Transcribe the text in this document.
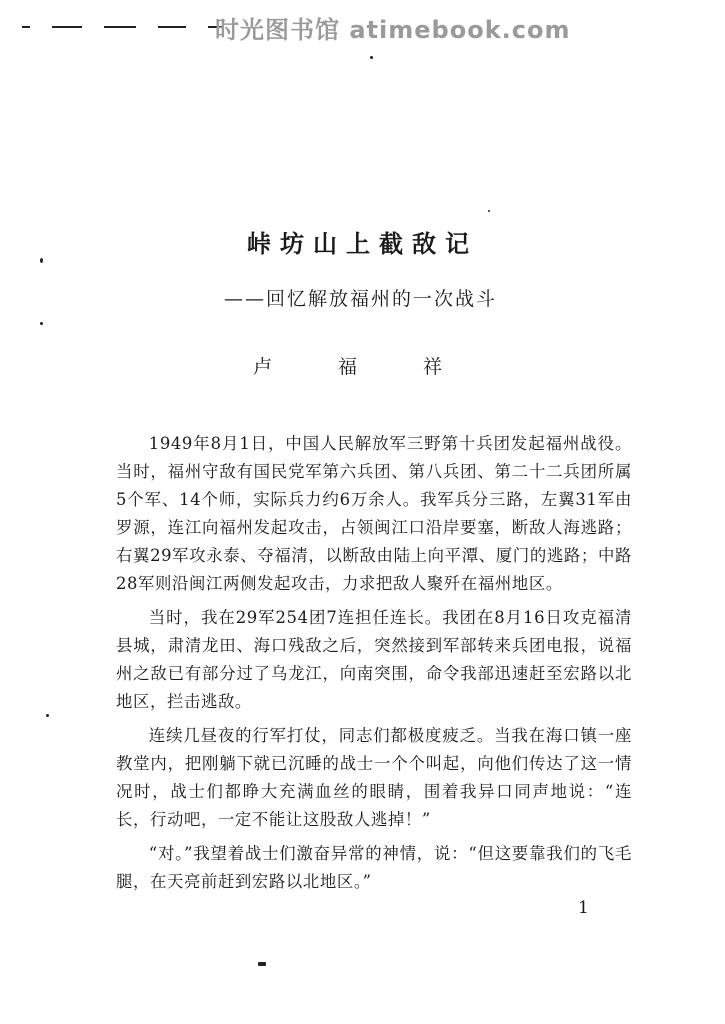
时光图书馆 atimebook.com
峠坊山上截敌记
——回忆解放福州的一次战斗
卢 福 祥

1949年8月1日，中国人民解放军三野第十兵团发起福州战役。当时，福州守敌有国民党军第六兵团、第八兵团、第二十二兵团所属5个军、14个师，实际兵力约6万余人。我军兵分三路，左翼31军由罗源，连江向福州发起攻击，占领闽江口沿岸要塞，断敌人海逃路；右翼29军攻永泰、夺福清，以断敌由陆上向平潭、厦门的逃路；中路28军则沿闽江两侧发起攻击，力求把敌人聚歼在福州地区。

当时，我在29军254团7连担任连长。我团在8月16日攻克福清县城，肃清龙田、海口残敌之后，突然接到军部转来兵团电报，说福州之敌已有部分过了乌龙江，向南突围，命令我部迅速赶至宏路以北地区，拦击逃敌。

连续几昼夜的行军打仗，同志们都极度疲乏。当我在海口镇一座教堂内，把刚躺下就已沉睡的战士一个个叫起，向他们传达了这一情况时，战士们都睁大充满血丝的眼睛，围着我异口同声地说：“连长，行动吧，一定不能让这股敌人逃掉！”

“对。”我望着战士们激奋异常的神情，说：“但这要靠我们的飞毛腿，在天亮前赶到宏路以北地区。”

1
